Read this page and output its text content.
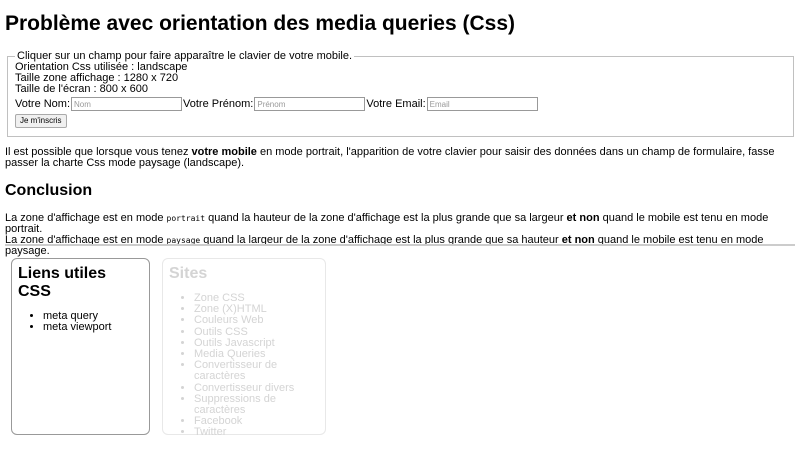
Problème avec orientation des media queries (Css)
Cliquer sur un champ pour faire apparaître le clavier de votre mobile.
Orientation Css utilisée : landscape
Taille zone affichage : 1280 x 720
Taille de l'écran : 800 x 600
Votre Nom:
Nom	Votre Prénom:
Prénom	Votre Email:
Email
Je m'inscris
Il est possible que lorsque vous tenez votre mobile en mode portrait, l'apparition de votre clavier pour saisir des données dans un champ de formulaire, fasse passer la charte Css mode paysage (landscape).
Conclusion
La zone d'affichage est en mode portrait quand la hauteur de la zone d'affichage est la plus grande que sa largeur et non quand le mobile est tenu en mode portrait.
La zone d'affichage est en mode paysage quand la largeur de la zone d'affichage est la plus grande que sa hauteur et non quand le mobile est tenu en mode paysage.
Liens utiles CSS
• meta query
• meta viewport
Sites
• Zone CSS
• Zone (X)HTML
• Couleurs Web
• Outils CSS
• Outils Javascript
• Media Queries
• Convertisseur de caractères
• Convertisseur divers
• Suppressions de caractères
• Facebook
• Twitter
